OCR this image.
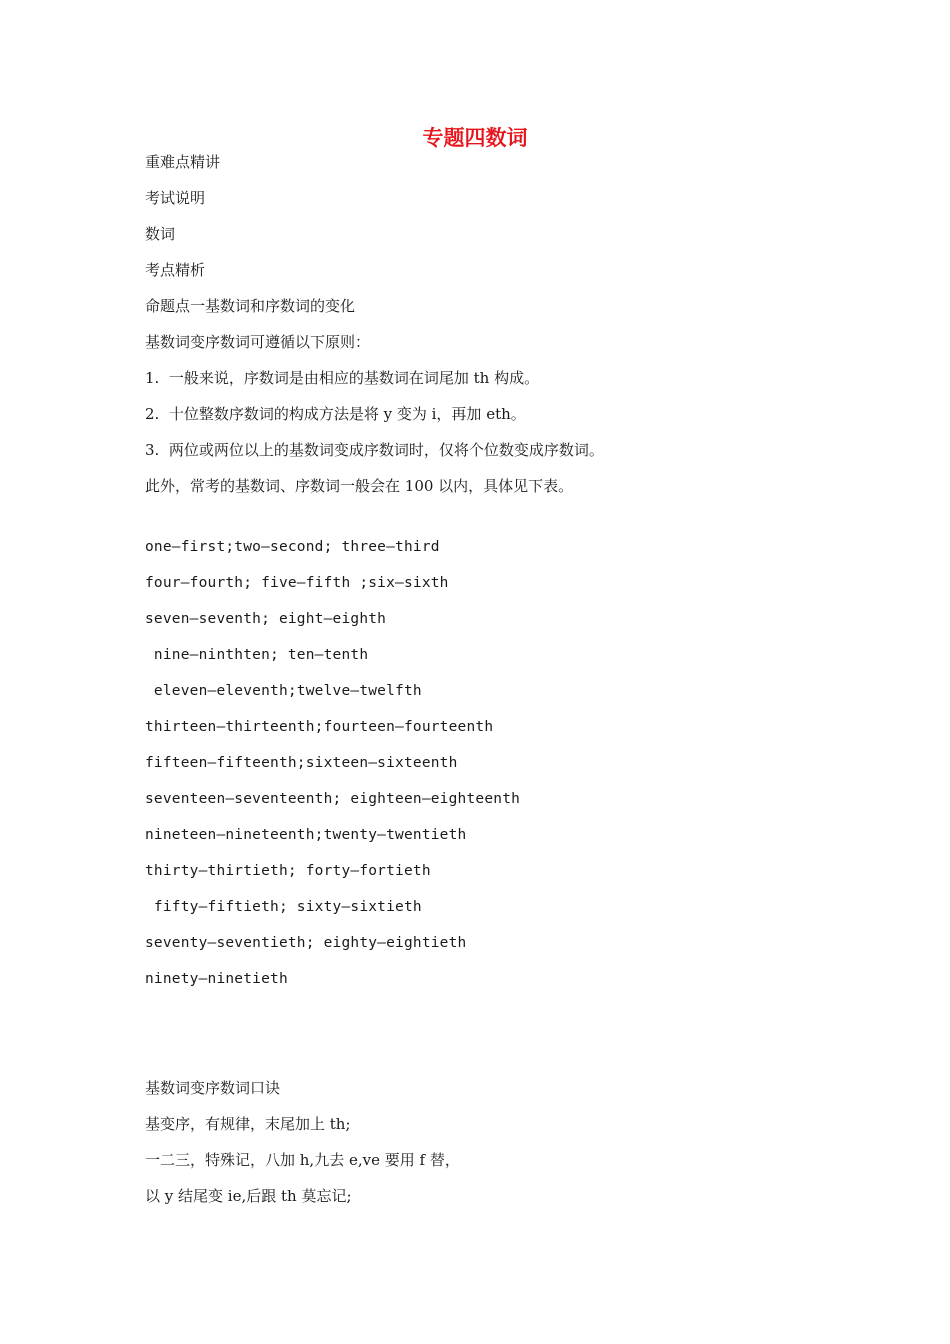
专题四数词
重难点精讲
考试说明
数词
考点精析
命题点一基数词和序数词的变化
基数词变序数词可遵循以下原则：
1.  一般来说，序数词是由相应的基数词在词尾加 th 构成。
2.  十位整数序数词的构成方法是将 y 变为 i，再加 eth。
3.  两位或两位以上的基数词变成序数词时，仅将个位数变成序数词。
此外，常考的基数词、序数词一般会在 100 以内，具体见下表。
one—first;two—second; three—third
four—fourth; five—fifth ;six—sixth
seven—seventh; eight—eighth
nine—ninthten; ten—tenth
eleven—eleventh;twelve—twelfth
thirteen—thirteenth;fourteen—fourteenth
fifteen—fifteenth;sixteen—sixteenth
seventeen—seventeenth; eighteen—eighteenth
nineteen—nineteenth;twenty—twentieth
thirty—thirtieth; forty—fortieth
fifty—fiftieth; sixty—sixtieth
seventy—seventieth; eighty—eightieth
ninety—ninetieth
基数词变序数词口诀
基变序，有规律，末尾加上 th;
一二三，特殊记，八加 h,九去 e,ve 要用 f 替，
以 y 结尾变 ie,后跟 th 莫忘记;
